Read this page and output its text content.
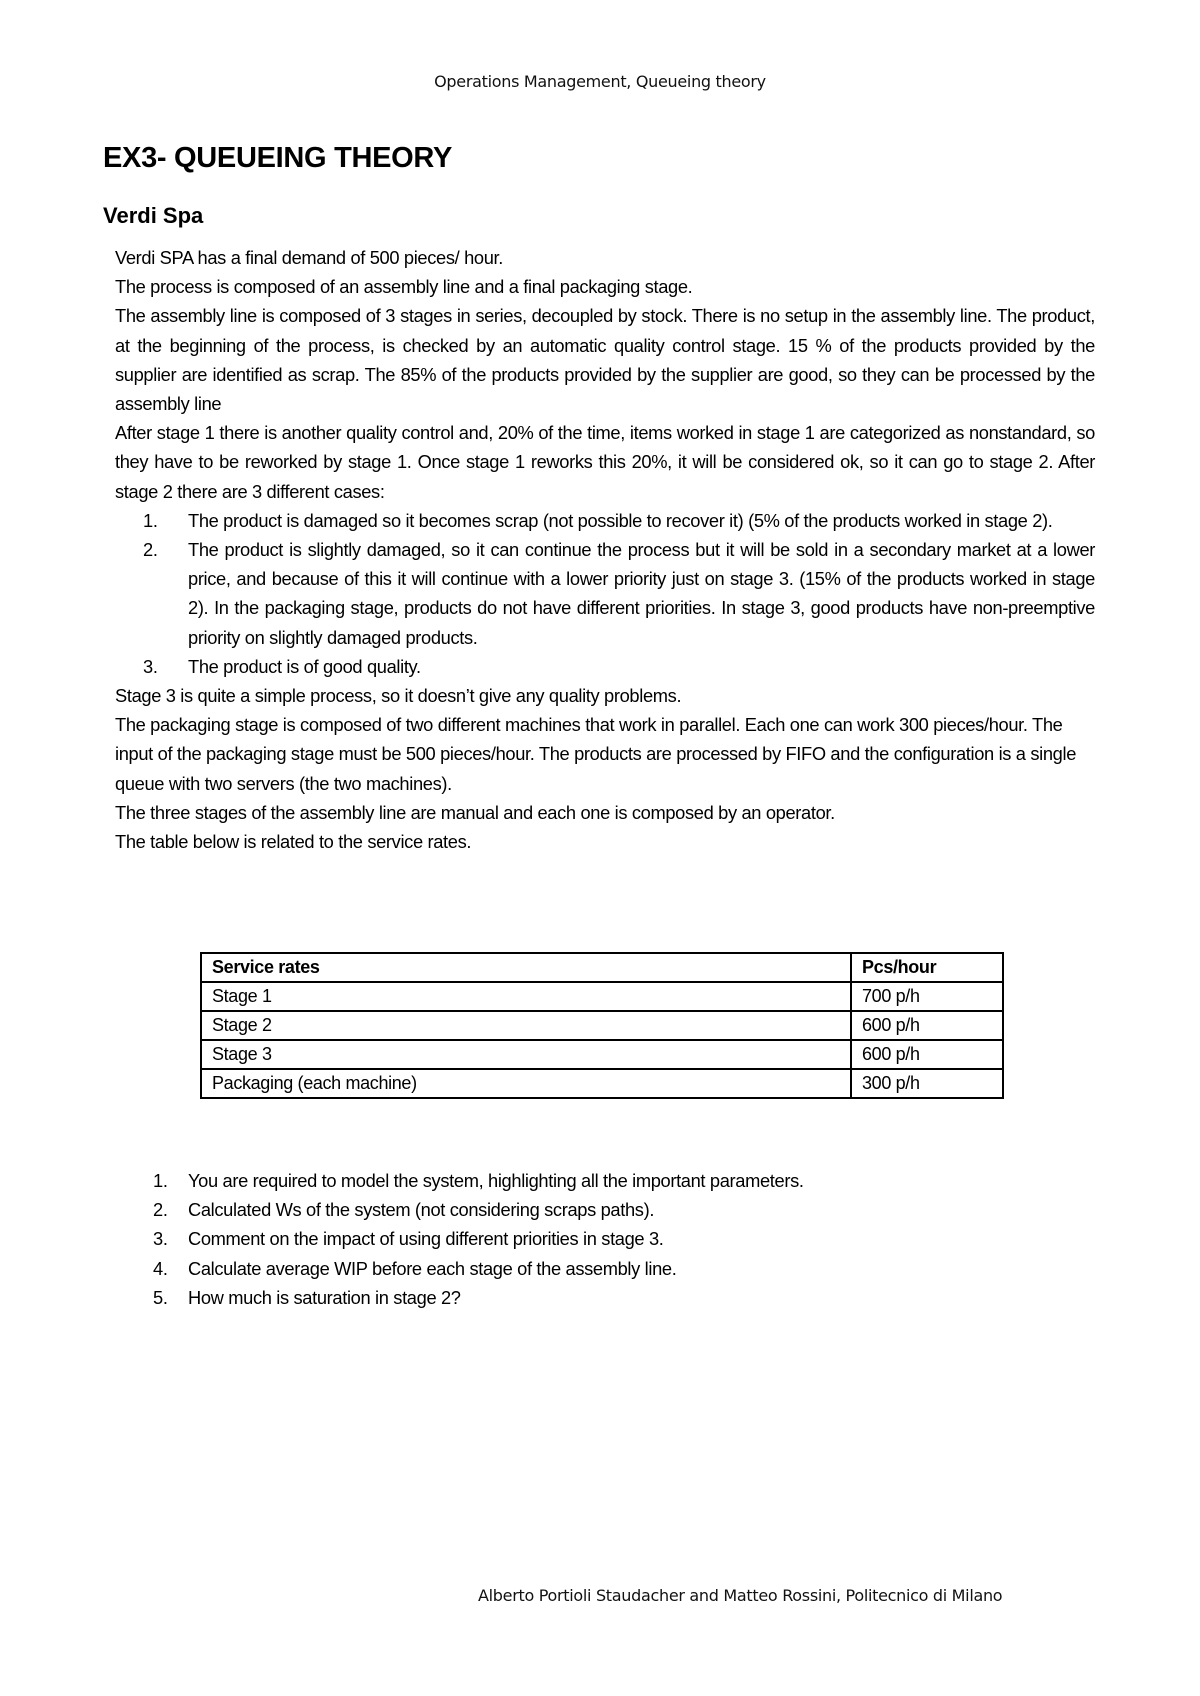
Operations Management, Queueing theory
EX3- QUEUEING THEORY
Verdi Spa

Verdi SPA has a final demand of 500 pieces/ hour.

The process is composed of an assembly line and a final packaging stage.

The assembly line is composed of 3 stages in series, decoupled by stock. There is no setup in the assembly line. The product, at the beginning of the process, is checked by an automatic quality control stage. 15 % of the products provided by the supplier are identified as scrap. The 85% of the products provided by the supplier are good, so they can be processed by the assembly line

After stage 1 there is another quality control and, 20% of the time, items worked in stage 1 are categorized as nonstandard, so they have to be reworked by stage 1. Once stage 1 reworks this 20%, it will be considered ok, so it can go to stage 2. After stage 2 there are 3 different cases:

1. The product is damaged so it becomes scrap (not possible to recover it) (5% of the products worked in stage 2).
2. The product is slightly damaged, so it can continue the process but it will be sold in a secondary market at a lower price, and because of this it will continue with a lower priority just on stage 3. (15% of the products worked in stage 2). In the packaging stage, products do not have different priorities. In stage 3, good products have non-preemptive priority on slightly damaged products.
3. The product is of good quality.

Stage 3 is quite a simple process, so it doesn’t give any quality problems.

The packaging stage is composed of two different machines that work in parallel. Each one can work 300 pieces/hour. The input of the packaging stage must be 500 pieces/hour. The products are processed by FIFO and the configuration is a single queue with two servers (the two machines).

The three stages of the assembly line are manual and each one is composed by an operator.

The table below is related to the service rates.

Service rates	Pcs/hour
Stage 1	700 p/h
Stage 2	600 p/h
Stage 3	600 p/h
Packaging (each machine)	300 p/h
1. You are required to model the system, highlighting all the important parameters.
2. Calculated Ws of the system (not considering scraps paths).
3. Comment on the impact of using different priorities in stage 3.
4. Calculate average WIP before each stage of the assembly line.
5. How much is saturation in stage 2?
Alberto Portioli Staudacher and Matteo Rossini, Politecnico di Milano
